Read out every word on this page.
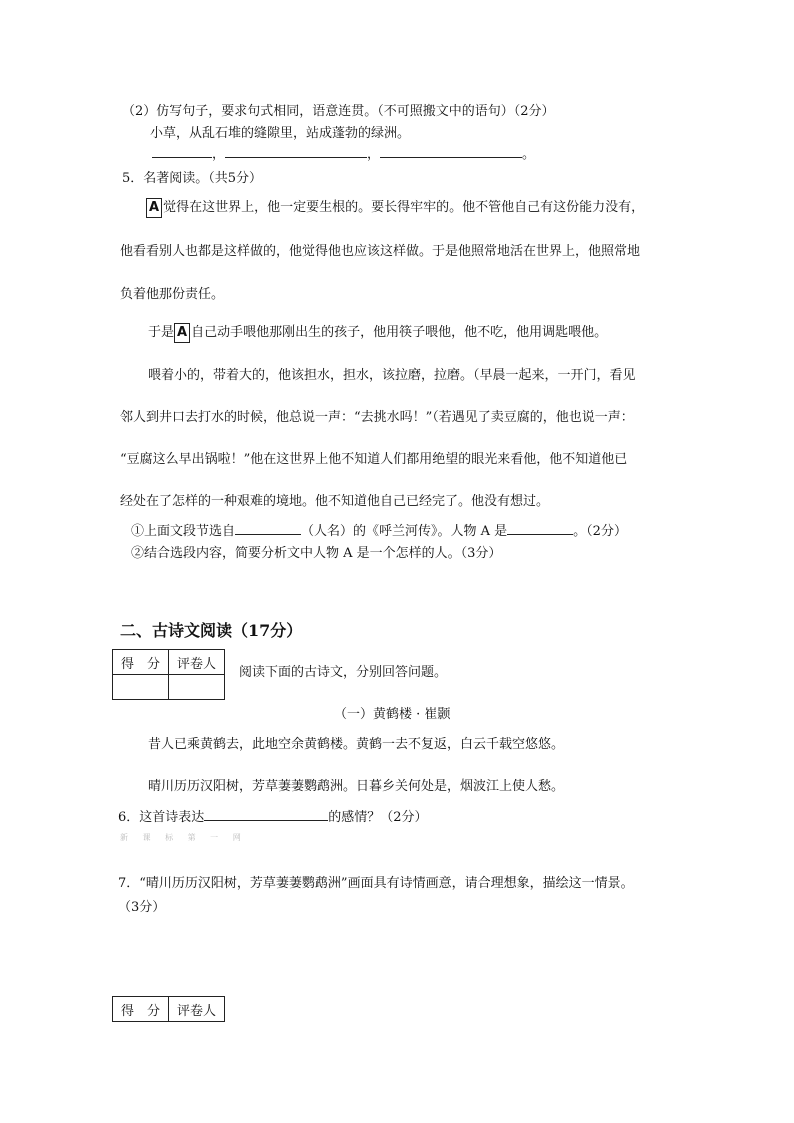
（2）仿写句子，要求句式相同，语意连贯。（不可照搬文中的语句）（2分）
小草，从乱石堆的缝隙里，站成蓬勃的绿洲。
，	，	。
5．名著阅读。（共5分）
A 觉得在这世界上，他一定要生根的。要长得牢牢的。他不管他自己有这份能力没有，
他看看别人也都是这样做的，他觉得他也应该这样做。于是他照常地活在世界上，他照常地
负着他那份责任。
于是 A 自己动手喂他那刚出生的孩子，他用筷子喂他，他不吃，他用调匙喂他。
喂着小的，带着大的，他该担水，担水，该拉磨，拉磨。（早晨一起来，一开门，看见
邻人到井口去打水的时候，他总说一声：“去挑水吗！”（若遇见了卖豆腐的，他也说一声：
“豆腐这么早出锅啦！”他在这世界上他不知道人们都用绝望的眼光来看他，他不知道他已
经处在了怎样的一种艰难的境地。他不知道他自己已经完了。他没有想过。
①上面文段节选自	（人名）的《呼兰河传》。人物 A 是	。（2分）
②结合选段内容，简要分析文中人物 A 是一个怎样的人。（3分）
二、古诗文阅读（17分）
得　分	评卷人

阅读下面的古诗文，分别回答问题。
（一）黄鹤楼 · 崔颢
昔人已乘黄鹤去，此地空余黄鹤楼。黄鹤一去不复返，白云千载空悠悠。
晴川历历汉阳树，芳草萋萋鹦鹉洲。日暮乡关何处是，烟波江上使人愁。
6．这首诗表达	的感情？（2分）
新 课 标 第 一 网
7．“晴川历历汉阳树，芳草萋萋鹦鹉洲”画面具有诗情画意，请合理想象，描绘这一情景。
（3分）
得　分	评卷人
